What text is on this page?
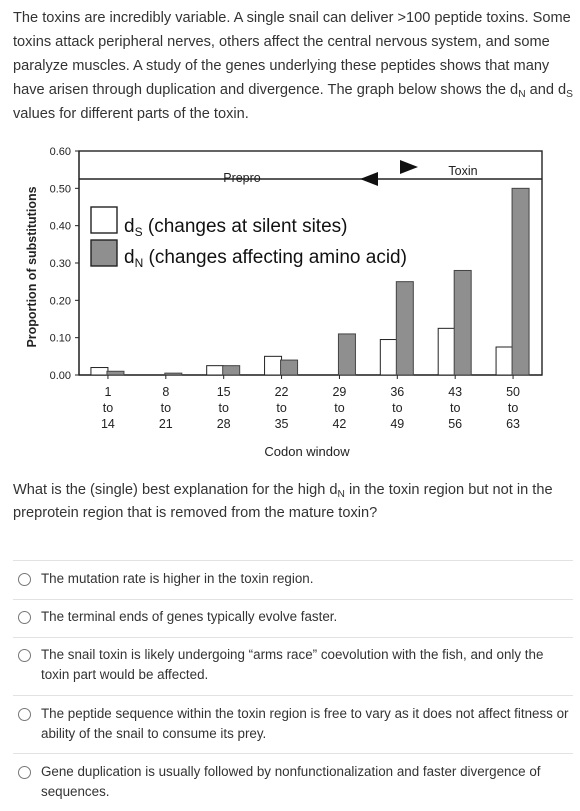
The toxins are incredibly variable. A single snail can deliver >100 peptide toxins. Some toxins attack peripheral nerves, others affect the central nervous system, and some paralyze muscles. A study of the genes underlying these peptides shows that many have arisen through duplication and divergence. The graph below shows the $d_N$ and $d_S$ values for different parts of the toxin.
Proportion of substitutions
0.00
0.10
0.20
0.30
0.40
0.50
0.60
Prepro	Toxin
1
to
14
8
to
21
15
to
28
22
to
35
29
to
42
36
to
49
43
to
56
50
to
63
$d_S$ (changes at silent sites)
$d_N$ (changes affecting amino acid)
Codon window
What is the (single) best explanation for the high $d_N$ in the toxin region but not in the preprotein region that is removed from the mature toxin?
The mutation rate is higher in the toxin region.
The terminal ends of genes typically evolve faster.
The snail toxin is likely undergoing “arms race” coevolution with the fish, and only the toxin part would be affected.
The peptide sequence within the toxin region is free to vary as it does not affect fitness or ability of the snail to consume its prey.
Gene duplication is usually followed by nonfunctionalization and faster divergence of sequences.
